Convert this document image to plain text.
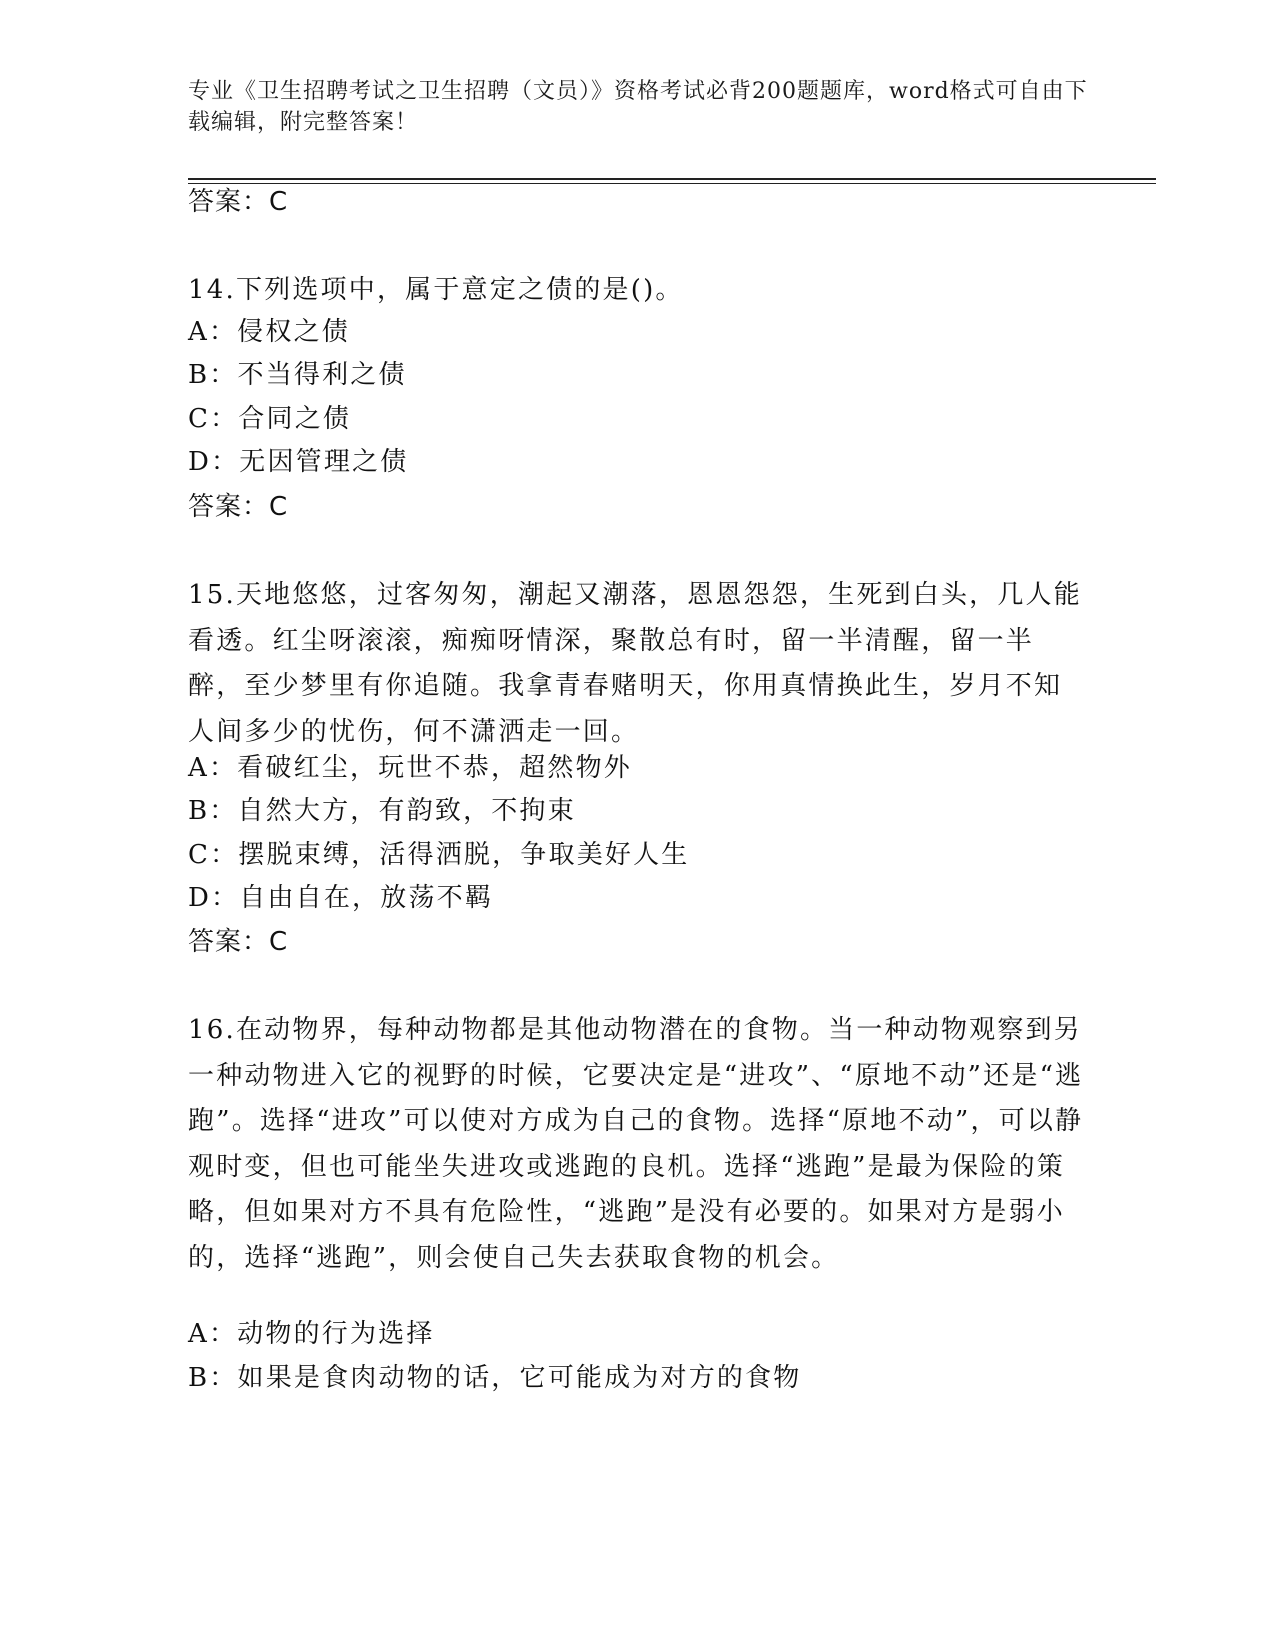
专业《卫生招聘考试之卫生招聘（文员）》资格考试必背200题题库，word格式可自由下载编辑，附完整答案！
答案：C
14.下列选项中，属于意定之债的是()。
A：侵权之债
B：不当得利之债
C：合同之债
D：无因管理之债
答案：C
15.天地悠悠，过客匆匆，潮起又潮落，恩恩怨怨，生死到白头，几人能看透。红尘呀滚滚，痴痴呀情深，聚散总有时，留一半清醒，留一半醉，至少梦里有你追随。我拿青春赌明天，你用真情换此生，岁月不知人间多少的忧伤，何不潇洒走一回。
A：看破红尘，玩世不恭，超然物外
B：自然大方，有韵致，不拘束
C：摆脱束缚，活得洒脱，争取美好人生
D：自由自在，放荡不羁
答案：C
16.在动物界，每种动物都是其他动物潜在的食物。当一种动物观察到另一种动物进入它的视野的时候，它要决定是“进攻”、“原地不动”还是“逃跑”。选择“进攻”可以使对方成为自己的食物。选择“原地不动”，可以静观时变，但也可能坐失进攻或逃跑的良机。选择“逃跑”是最为保险的策略，但如果对方不具有危险性，“逃跑”是没有必要的。如果对方是弱小的，选择“逃跑”，则会使自己失去获取食物的机会。
A：动物的行为选择
B：如果是食肉动物的话，它可能成为对方的食物
